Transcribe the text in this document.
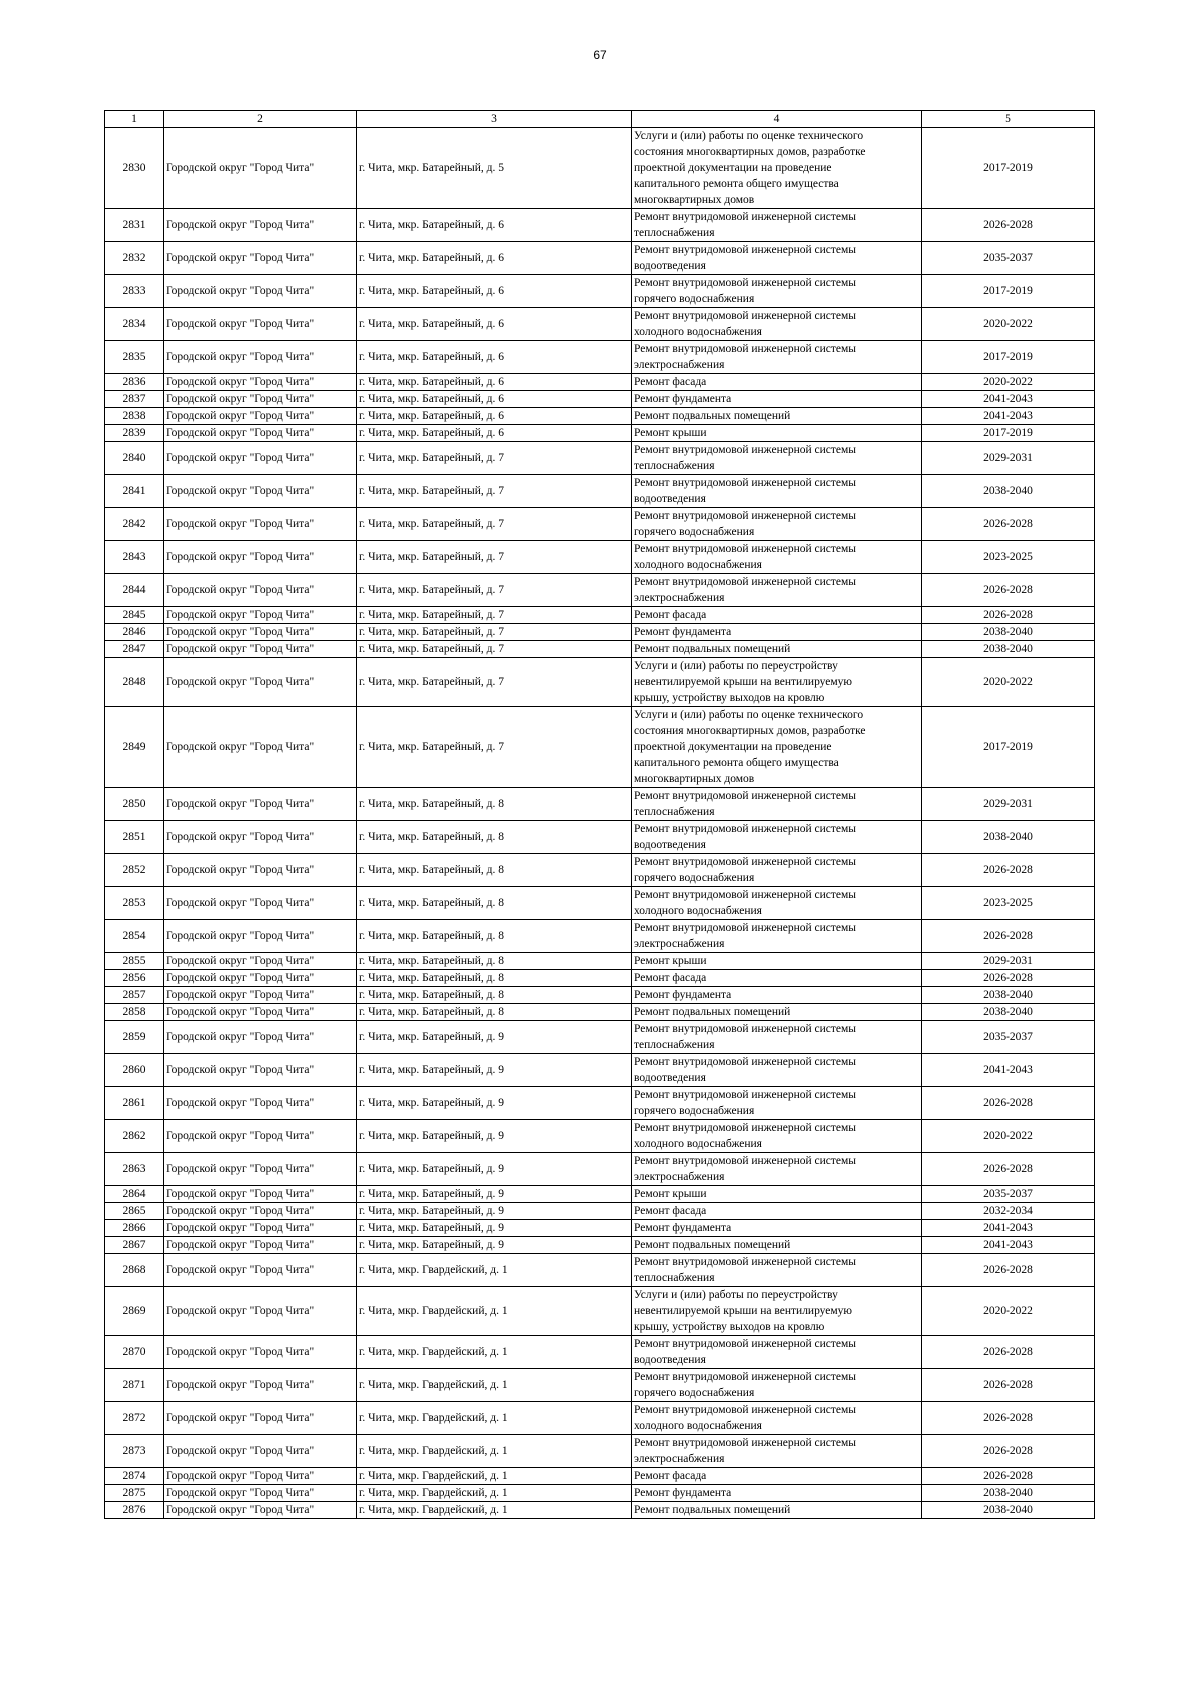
67
1	2	3	4	5
2830	Городской округ "Город Чита"	г. Чита, мкр. Батарейный, д. 5	Услуги и (или) работы по оценке технического
состояния многоквартирных домов, разработке
проектной документации на проведение
капитального ремонта общего имущества
многоквартирных домов	2017-2019
2831	Городской округ "Город Чита"	г. Чита, мкр. Батарейный, д. 6	Ремонт внутридомовой инженерной системы
теплоснабжения	2026-2028
2832	Городской округ "Город Чита"	г. Чита, мкр. Батарейный, д. 6	Ремонт внутридомовой инженерной системы
водоотведения	2035-2037
2833	Городской округ "Город Чита"	г. Чита, мкр. Батарейный, д. 6	Ремонт внутридомовой инженерной системы
горячего водоснабжения	2017-2019
2834	Городской округ "Город Чита"	г. Чита, мкр. Батарейный, д. 6	Ремонт внутридомовой инженерной системы
холодного водоснабжения	2020-2022
2835	Городской округ "Город Чита"	г. Чита, мкр. Батарейный, д. 6	Ремонт внутридомовой инженерной системы
электроснабжения	2017-2019
2836	Городской округ "Город Чита"	г. Чита, мкр. Батарейный, д. 6	Ремонт фасада	2020-2022
2837	Городской округ "Город Чита"	г. Чита, мкр. Батарейный, д. 6	Ремонт фундамента	2041-2043
2838	Городской округ "Город Чита"	г. Чита, мкр. Батарейный, д. 6	Ремонт подвальных помещений	2041-2043
2839	Городской округ "Город Чита"	г. Чита, мкр. Батарейный, д. 6	Ремонт крыши	2017-2019
2840	Городской округ "Город Чита"	г. Чита, мкр. Батарейный, д. 7	Ремонт внутридомовой инженерной системы
теплоснабжения	2029-2031
2841	Городской округ "Город Чита"	г. Чита, мкр. Батарейный, д. 7	Ремонт внутридомовой инженерной системы
водоотведения	2038-2040
2842	Городской округ "Город Чита"	г. Чита, мкр. Батарейный, д. 7	Ремонт внутридомовой инженерной системы
горячего водоснабжения	2026-2028
2843	Городской округ "Город Чита"	г. Чита, мкр. Батарейный, д. 7	Ремонт внутридомовой инженерной системы
холодного водоснабжения	2023-2025
2844	Городской округ "Город Чита"	г. Чита, мкр. Батарейный, д. 7	Ремонт внутридомовой инженерной системы
электроснабжения	2026-2028
2845	Городской округ "Город Чита"	г. Чита, мкр. Батарейный, д. 7	Ремонт фасада	2026-2028
2846	Городской округ "Город Чита"	г. Чита, мкр. Батарейный, д. 7	Ремонт фундамента	2038-2040
2847	Городской округ "Город Чита"	г. Чита, мкр. Батарейный, д. 7	Ремонт подвальных помещений	2038-2040
2848	Городской округ "Город Чита"	г. Чита, мкр. Батарейный, д. 7	Услуги и (или) работы по переустройству
невентилируемой крыши на вентилируемую
крышу, устройству выходов на кровлю	2020-2022
2849	Городской округ "Город Чита"	г. Чита, мкр. Батарейный, д. 7	Услуги и (или) работы по оценке технического
состояния многоквартирных домов, разработке
проектной документации на проведение
капитального ремонта общего имущества
многоквартирных домов	2017-2019
2850	Городской округ "Город Чита"	г. Чита, мкр. Батарейный, д. 8	Ремонт внутридомовой инженерной системы
теплоснабжения	2029-2031
2851	Городской округ "Город Чита"	г. Чита, мкр. Батарейный, д. 8	Ремонт внутридомовой инженерной системы
водоотведения	2038-2040
2852	Городской округ "Город Чита"	г. Чита, мкр. Батарейный, д. 8	Ремонт внутридомовой инженерной системы
горячего водоснабжения	2026-2028
2853	Городской округ "Город Чита"	г. Чита, мкр. Батарейный, д. 8	Ремонт внутридомовой инженерной системы
холодного водоснабжения	2023-2025
2854	Городской округ "Город Чита"	г. Чита, мкр. Батарейный, д. 8	Ремонт внутридомовой инженерной системы
электроснабжения	2026-2028
2855	Городской округ "Город Чита"	г. Чита, мкр. Батарейный, д. 8	Ремонт крыши	2029-2031
2856	Городской округ "Город Чита"	г. Чита, мкр. Батарейный, д. 8	Ремонт фасада	2026-2028
2857	Городской округ "Город Чита"	г. Чита, мкр. Батарейный, д. 8	Ремонт фундамента	2038-2040
2858	Городской округ "Город Чита"	г. Чита, мкр. Батарейный, д. 8	Ремонт подвальных помещений	2038-2040
2859	Городской округ "Город Чита"	г. Чита, мкр. Батарейный, д. 9	Ремонт внутридомовой инженерной системы
теплоснабжения	2035-2037
2860	Городской округ "Город Чита"	г. Чита, мкр. Батарейный, д. 9	Ремонт внутридомовой инженерной системы
водоотведения	2041-2043
2861	Городской округ "Город Чита"	г. Чита, мкр. Батарейный, д. 9	Ремонт внутридомовой инженерной системы
горячего водоснабжения	2026-2028
2862	Городской округ "Город Чита"	г. Чита, мкр. Батарейный, д. 9	Ремонт внутридомовой инженерной системы
холодного водоснабжения	2020-2022
2863	Городской округ "Город Чита"	г. Чита, мкр. Батарейный, д. 9	Ремонт внутридомовой инженерной системы
электроснабжения	2026-2028
2864	Городской округ "Город Чита"	г. Чита, мкр. Батарейный, д. 9	Ремонт крыши	2035-2037
2865	Городской округ "Город Чита"	г. Чита, мкр. Батарейный, д. 9	Ремонт фасада	2032-2034
2866	Городской округ "Город Чита"	г. Чита, мкр. Батарейный, д. 9	Ремонт фундамента	2041-2043
2867	Городской округ "Город Чита"	г. Чита, мкр. Батарейный, д. 9	Ремонт подвальных помещений	2041-2043
2868	Городской округ "Город Чита"	г. Чита, мкр. Гвардейский, д. 1	Ремонт внутридомовой инженерной системы
теплоснабжения	2026-2028
2869	Городской округ "Город Чита"	г. Чита, мкр. Гвардейский, д. 1	Услуги и (или) работы по переустройству
невентилируемой крыши на вентилируемую
крышу, устройству выходов на кровлю	2020-2022
2870	Городской округ "Город Чита"	г. Чита, мкр. Гвардейский, д. 1	Ремонт внутридомовой инженерной системы
водоотведения	2026-2028
2871	Городской округ "Город Чита"	г. Чита, мкр. Гвардейский, д. 1	Ремонт внутридомовой инженерной системы
горячего водоснабжения	2026-2028
2872	Городской округ "Город Чита"	г. Чита, мкр. Гвардейский, д. 1	Ремонт внутридомовой инженерной системы
холодного водоснабжения	2026-2028
2873	Городской округ "Город Чита"	г. Чита, мкр. Гвардейский, д. 1	Ремонт внутридомовой инженерной системы
электроснабжения	2026-2028
2874	Городской округ "Город Чита"	г. Чита, мкр. Гвардейский, д. 1	Ремонт фасада	2026-2028
2875	Городской округ "Город Чита"	г. Чита, мкр. Гвардейский, д. 1	Ремонт фундамента	2038-2040
2876	Городской округ "Город Чита"	г. Чита, мкр. Гвардейский, д. 1	Ремонт подвальных помещений	2038-2040
